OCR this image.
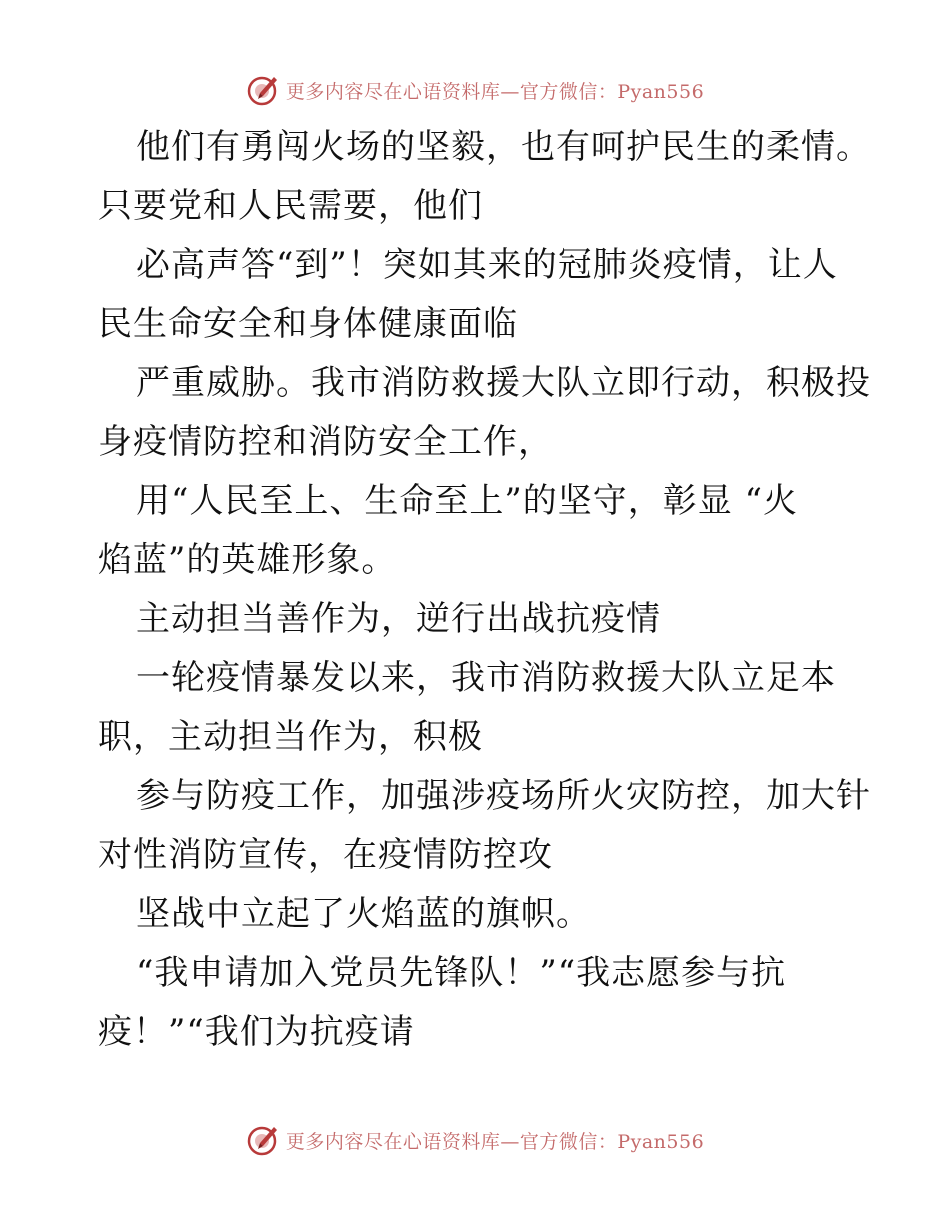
更多内容尽在心语资料库—官方微信：Pyan556
他们有勇闯火场的坚毅，也有呵护民生的柔情。
只要党和人民需要，他们
必高声答“到”！突如其来的冠肺炎疫情，让人
民生命安全和身体健康面临
严重威胁。我市消防救援大队立即行动，积极投
身疫情防控和消防安全工作，
用“人民至上、生命至上”的坚守，彰显 “火
焰蓝”的英雄形象。
主动担当善作为，逆行出战抗疫情
一轮疫情暴发以来，我市消防救援大队立足本
职，主动担当作为，积极
参与防疫工作，加强涉疫场所火灾防控，加大针
对性消防宣传，在疫情防控攻
坚战中立起了火焰蓝的旗帜。
“我申请加入党员先锋队！”“我志愿参与抗
疫！”“我们为抗疫请
更多内容尽在心语资料库—官方微信：Pyan556
